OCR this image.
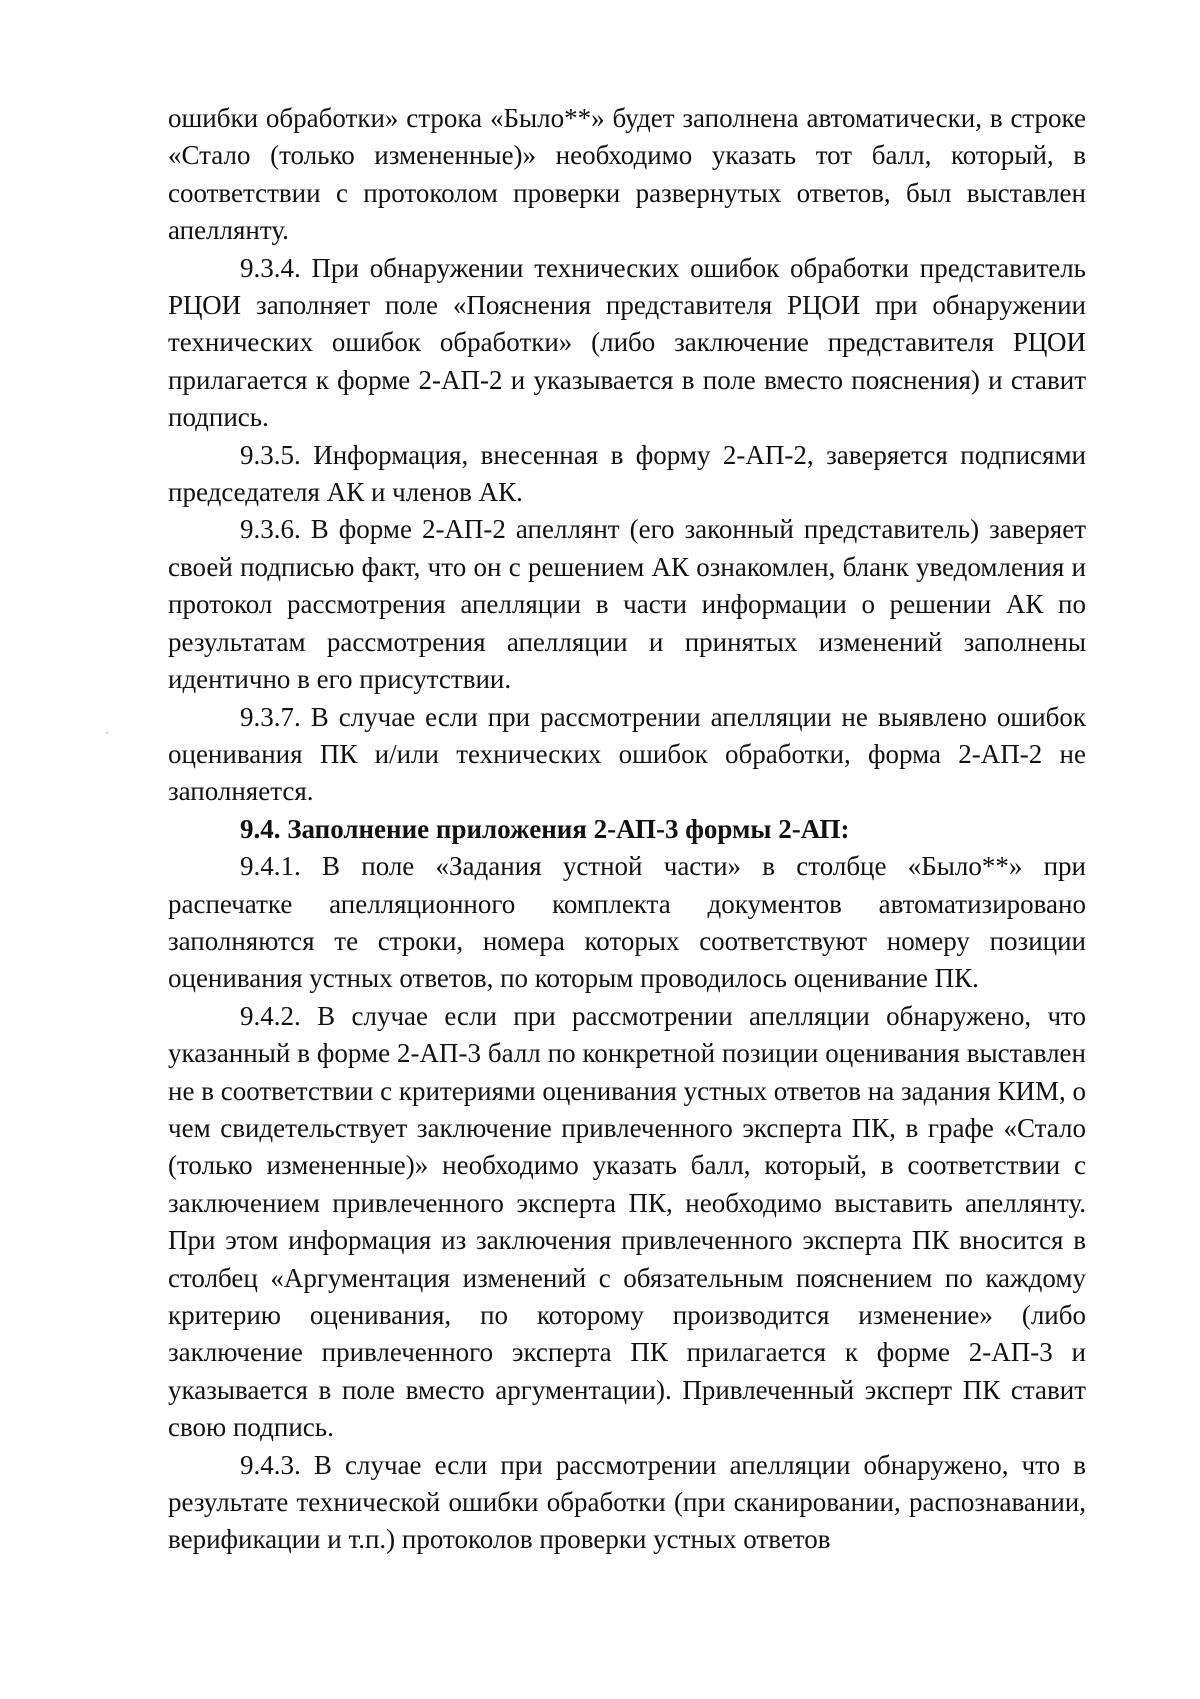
ошибки обработки» строка «Было**» будет заполнена автоматически, в строке «Стало (только измененные)» необходимо указать тот балл, который, в соответствии с протоколом проверки развернутых ответов, был выставлен апеллянту.

9.3.4. При обнаружении технических ошибок обработки представитель РЦОИ заполняет поле «Пояснения представителя РЦОИ при обнаружении технических ошибок обработки» (либо заключение представителя РЦОИ прилагается к форме 2-АП-2 и указывается в поле вместо пояснения) и ставит подпись.

9.3.5. Информация, внесенная в форму 2-АП-2, заверяется подписями председателя АК и членов АК.

9.3.6. В форме 2-АП-2 апеллянт (его законный представитель) заверяет своей подписью факт, что он с решением АК ознакомлен, бланк уведомления и протокол рассмотрения апелляции в части информации о решении АК по результатам рассмотрения апелляции и принятых изменений заполнены идентично в его присутствии.

9.3.7. В случае если при рассмотрении апелляции не выявлено ошибок оценивания ПК и/или технических ошибок обработки, форма 2-АП-2 не заполняется.

9.4. Заполнение приложения 2-АП-3 формы 2-АП:

9.4.1. В поле «Задания устной части» в столбце «Было**» при распечатке апелляционного комплекта документов автоматизировано заполняются те строки, номера которых соответствуют номеру позиции оценивания устных ответов, по которым проводилось оценивание ПК.

9.4.2. В случае если при рассмотрении апелляции обнаружено, что указанный в форме 2-АП-3 балл по конкретной позиции оценивания выставлен не в соответствии с критериями оценивания устных ответов на задания КИМ, о чем свидетельствует заключение привлеченного эксперта ПК, в графе «Стало (только измененные)» необходимо указать балл, который, в соответствии с заключением привлеченного эксперта ПК, необходимо выставить апеллянту. При этом информация из заключения привлеченного эксперта ПК вносится в столбец «Аргументация изменений с обязательным пояснением по каждому критерию оценивания, по которому производится изменение» (либо заключение привлеченного эксперта ПК прилагается к форме 2-АП-3 и указывается в поле вместо аргументации). Привлеченный эксперт ПК ставит свою подпись.

9.4.3. В случае если при рассмотрении апелляции обнаружено, что в результате технической ошибки обработки (при сканировании, распознавании, верификации и т.п.) протоколов проверки устных ответов
